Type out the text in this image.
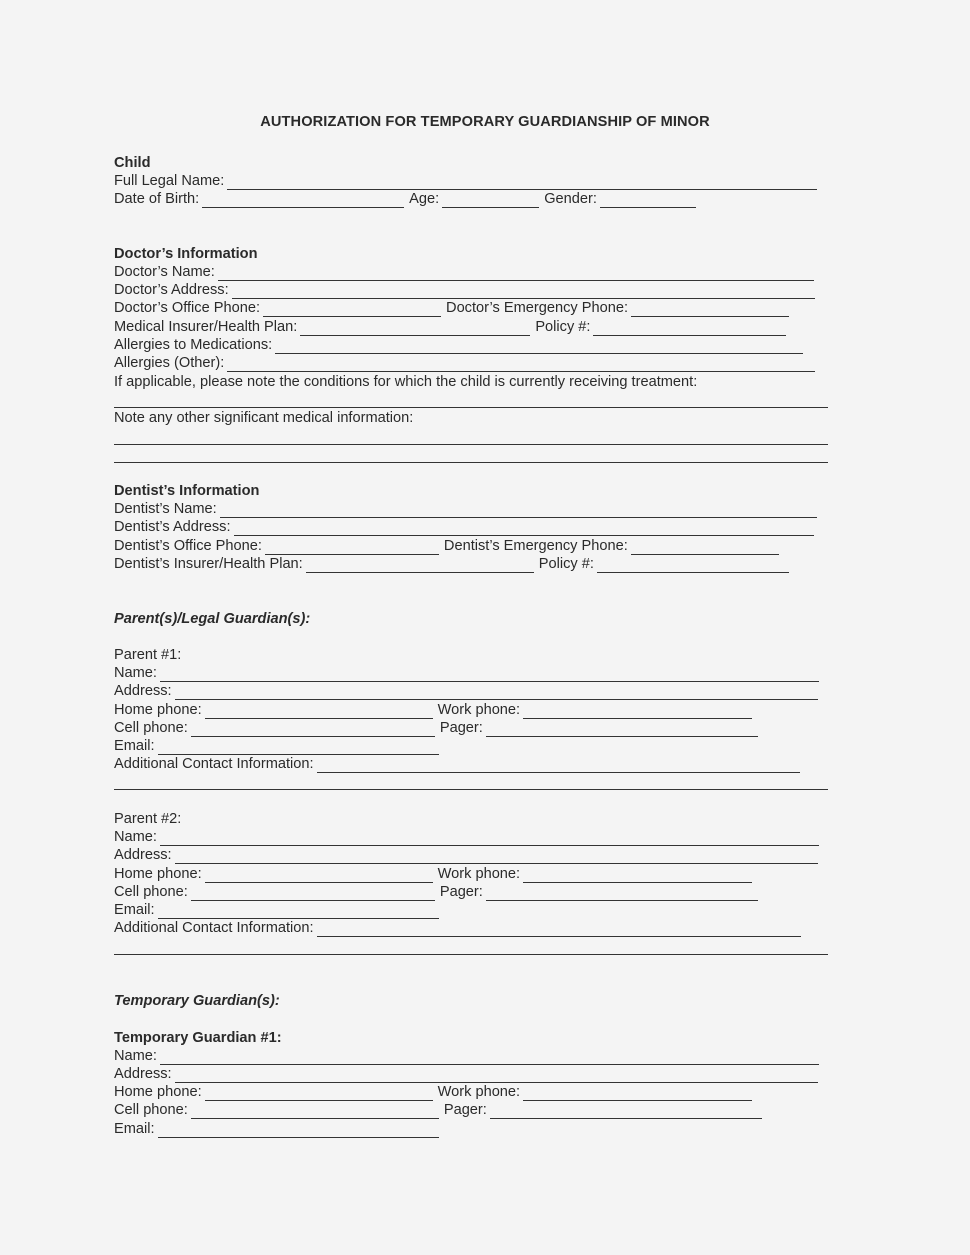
AUTHORIZATION FOR TEMPORARY GUARDIANSHIP OF MINOR
Child
Full Legal Name:
Date of Birth:	Age:	Gender:
Doctor’s Information
Doctor’s Name:
Doctor’s Address:
Doctor’s Office Phone:	Doctor’s Emergency Phone:
Medical Insurer/Health Plan:	Policy #:
Allergies to Medications:
Allergies (Other):
If applicable, please note the conditions for which the child is currently receiving treatment:
Note any other significant medical information:
Dentist’s Information
Dentist’s Name:
Dentist’s Address:
Dentist’s Office Phone:	Dentist’s Emergency Phone:
Dentist’s Insurer/Health Plan:	Policy #:
Parent(s)/Legal Guardian(s):
Parent #1:
Name:
Address:
Home phone:	Work phone:
Cell phone:	Pager:
Email:
Additional Contact Information:
Parent #2:
Name:
Address:
Home phone:	Work phone:
Cell phone:	Pager:
Email:
Additional Contact Information:
Temporary Guardian(s):
Temporary Guardian #1:
Name:
Address:
Home phone:	Work phone:
Cell phone:	Pager:
Email:
